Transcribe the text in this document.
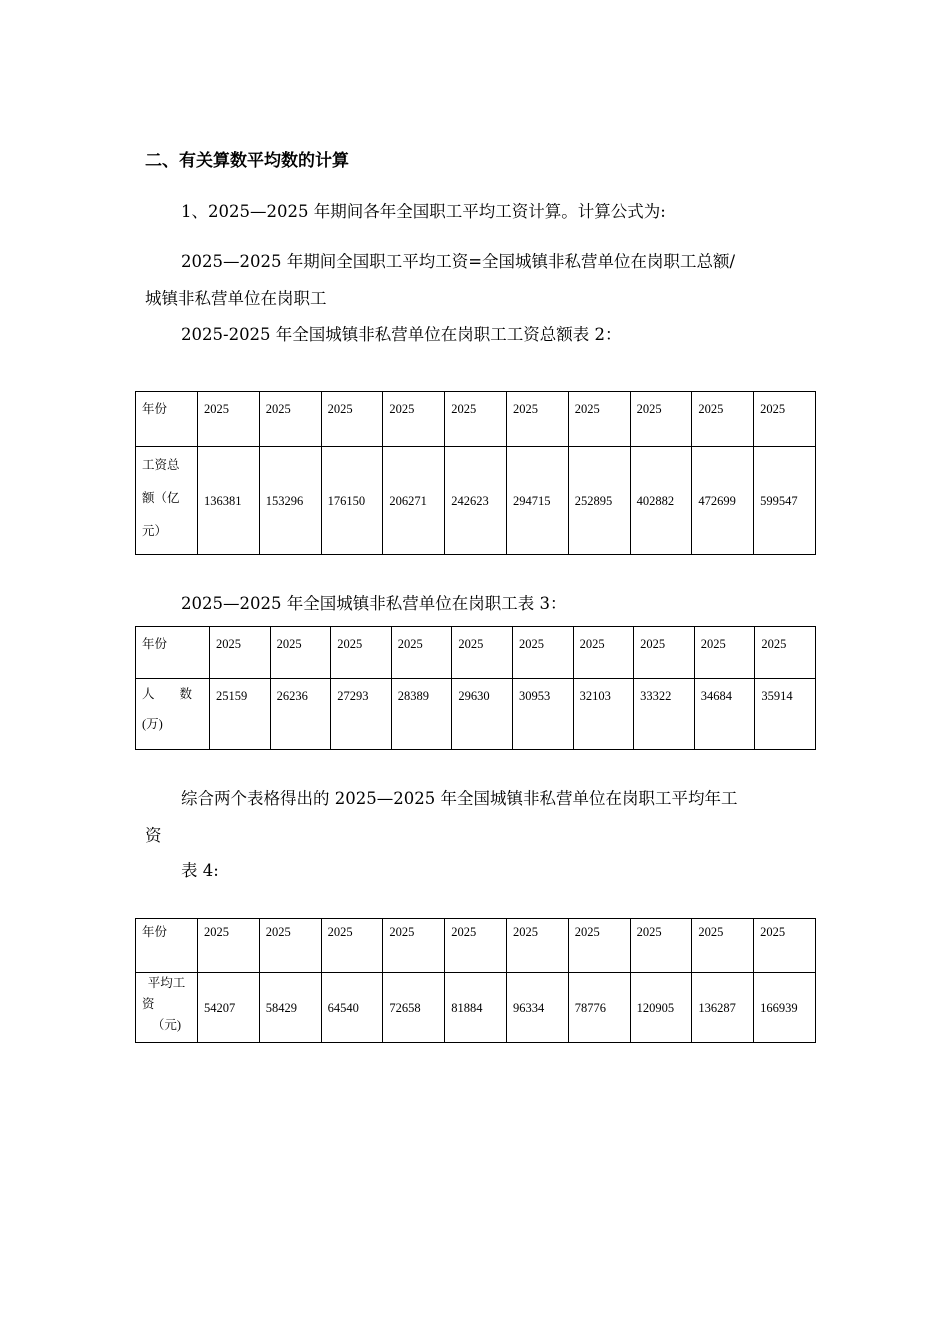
二、有关算数平均数的计算
1、2025—2025 年期间各年全国职工平均工资计算。计算公式为:
2025—2025 年期间全国职工平均工资=全国城镇非私营单位在岗职工总额/
城镇非私营单位在岗职工
2025-2025 年全国城镇非私营单位在岗职工工资总额表 2：
年份	2025	2025	2025	2025	2025	2025	2025	2025	2025	2025
工资总额（亿元）	136381	153296	176150	206271	242623	294715	252895	402882	472699	599547
2025—2025 年全国城镇非私营单位在岗职工表 3：
年份	2025	2025	2025	2025	2025	2025	2025	2025	2025	2025

人　　数
(万)	25159	26236	27293	28389	29630	30953	32103	33322	34684	35914
综合两个表格得出的 2025—2025 年全国城镇非私营单位在岗职工平均年工
资
表 4:
年份	2025	2025	2025	2025	2025	2025	2025	2025	2025	2025

平均工
资
（元)	54207	58429	64540	72658	81884	96334	78776	120905	136287	166939
